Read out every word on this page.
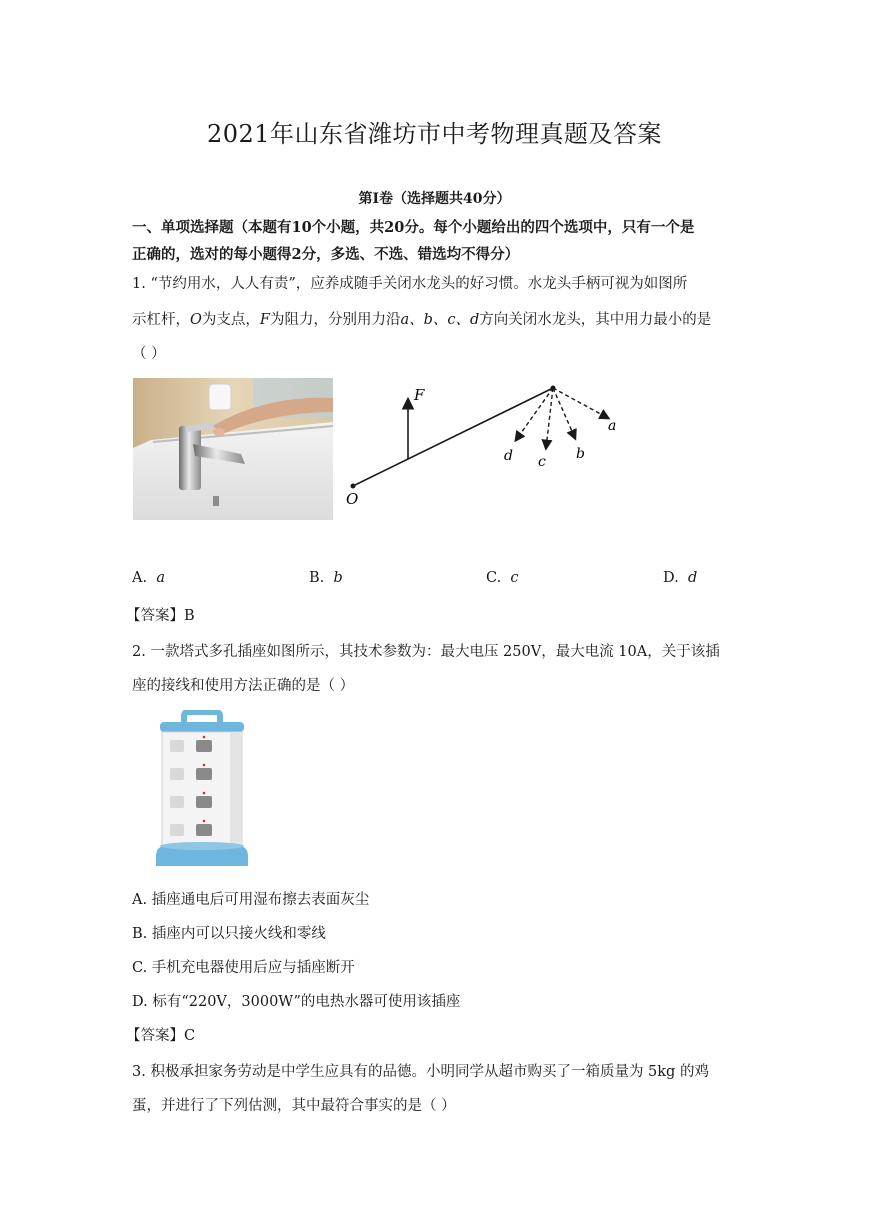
2021年山东省潍坊市中考物理真题及答案
第Ⅰ卷（选择题共40分）
一、单项选择题（本题有10个小题，共20分。每个小题给出的四个选项中，只有一个是
正确的，选对的每小题得2分，多选、不选、错选均不得分）
1. “节约用水，人人有责”，应养成随手关闭水龙头的好习惯。水龙头手柄可视为如图所
示杠杆，O为支点，F为阻力，分别用力沿a、b、c、d方向关闭水龙头，其中用力最小的是
（ ）
F
O
a
b
c
d
A. a	B. b	C. c	D. d
【答案】B
2. 一款塔式多孔插座如图所示，其技术参数为：最大电压 250V，最大电流 10A，关于该插
座的接线和使用方法正确的是（ ）
A. 插座通电后可用湿布擦去表面灰尘
B. 插座内可以只接火线和零线
C. 手机充电器使用后应与插座断开
D. 标有“220V，3000W”的电热水器可使用该插座
【答案】C
3. 积极承担家务劳动是中学生应具有的品德。小明同学从超市购买了一箱质量为 5kg 的鸡
蛋，并进行了下列估测，其中最符合事实的是（ ）
